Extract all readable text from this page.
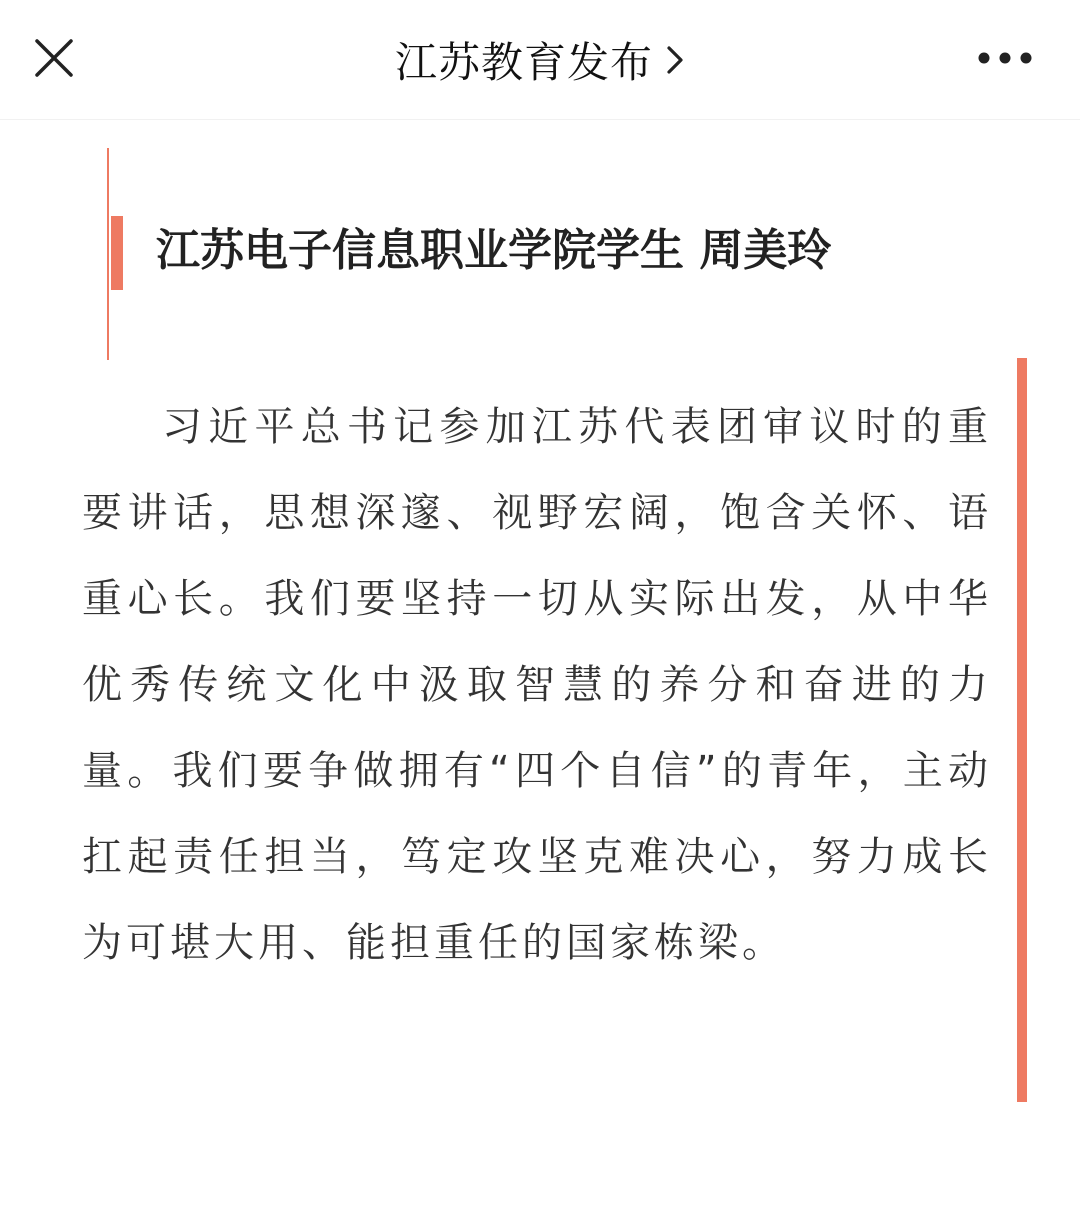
江苏教育发布
江苏电子信息职业学院学生 周美玲

习近平总书记参加江苏代表团审议时的重要讲话，思想深邃、视野宏阔，饱含关怀、语重心长。我们要坚持一切从实际出发，从中华优秀传统文化中汲取智慧的养分和奋进的力量。我们要争做拥有“四个自信”的青年，主动扛起责任担当，笃定攻坚克难决心，努力成长为可堪大用、能担重任的国家栋梁。
